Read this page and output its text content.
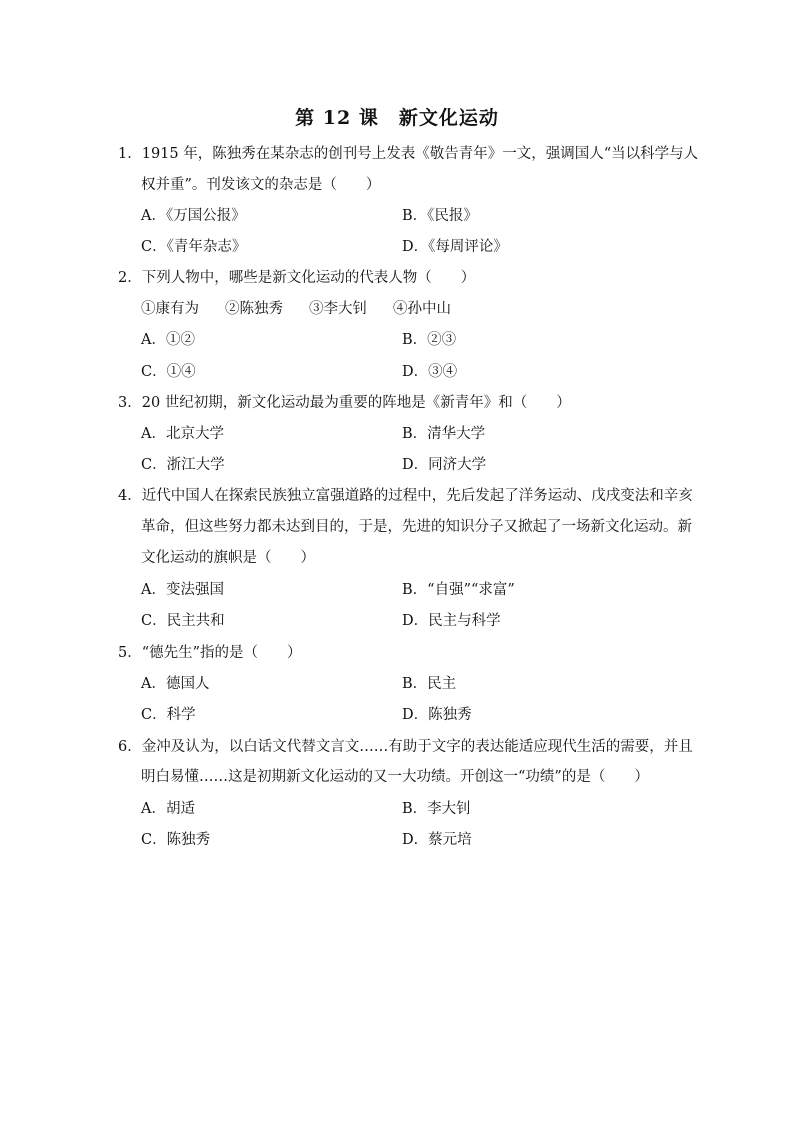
第 12 课 新文化运动
1．1915 年，陈独秀在某杂志的创刊号上发表《敬告青年》一文，强调国人“当以科学与人
权并重”。刊发该文的杂志是（　　）
A．《万国公报》	B．《民报》
C．《青年杂志》	D．《每周评论》
2．下列人物中，哪些是新文化运动的代表人物（　　）
①康有为 ②陈独秀 ③李大钊 ④孙中山
A．①②	B．②③
C．①④	D．③④
3．20 世纪初期，新文化运动最为重要的阵地是《新青年》和（　　）
A．北京大学	B．清华大学
C．浙江大学	D．同济大学
4．近代中国人在探索民族独立富强道路的过程中，先后发起了洋务运动、戊戌变法和辛亥
革命，但这些努力都未达到目的，于是，先进的知识分子又掀起了一场新文化运动。新
文化运动的旗帜是（　　）
A．变法强国	B．“自强”“求富”
C．民主共和	D．民主与科学
5．“德先生”指的是（　　）
A．德国人	B．民主
C．科学	D．陈独秀
6．金冲及认为，以白话文代替文言文……有助于文字的表达能适应现代生活的需要，并且
明白易懂……这是初期新文化运动的又一大功绩。开创这一“功绩”的是（　　）
A．胡适	B．李大钊
C．陈独秀	D．蔡元培
